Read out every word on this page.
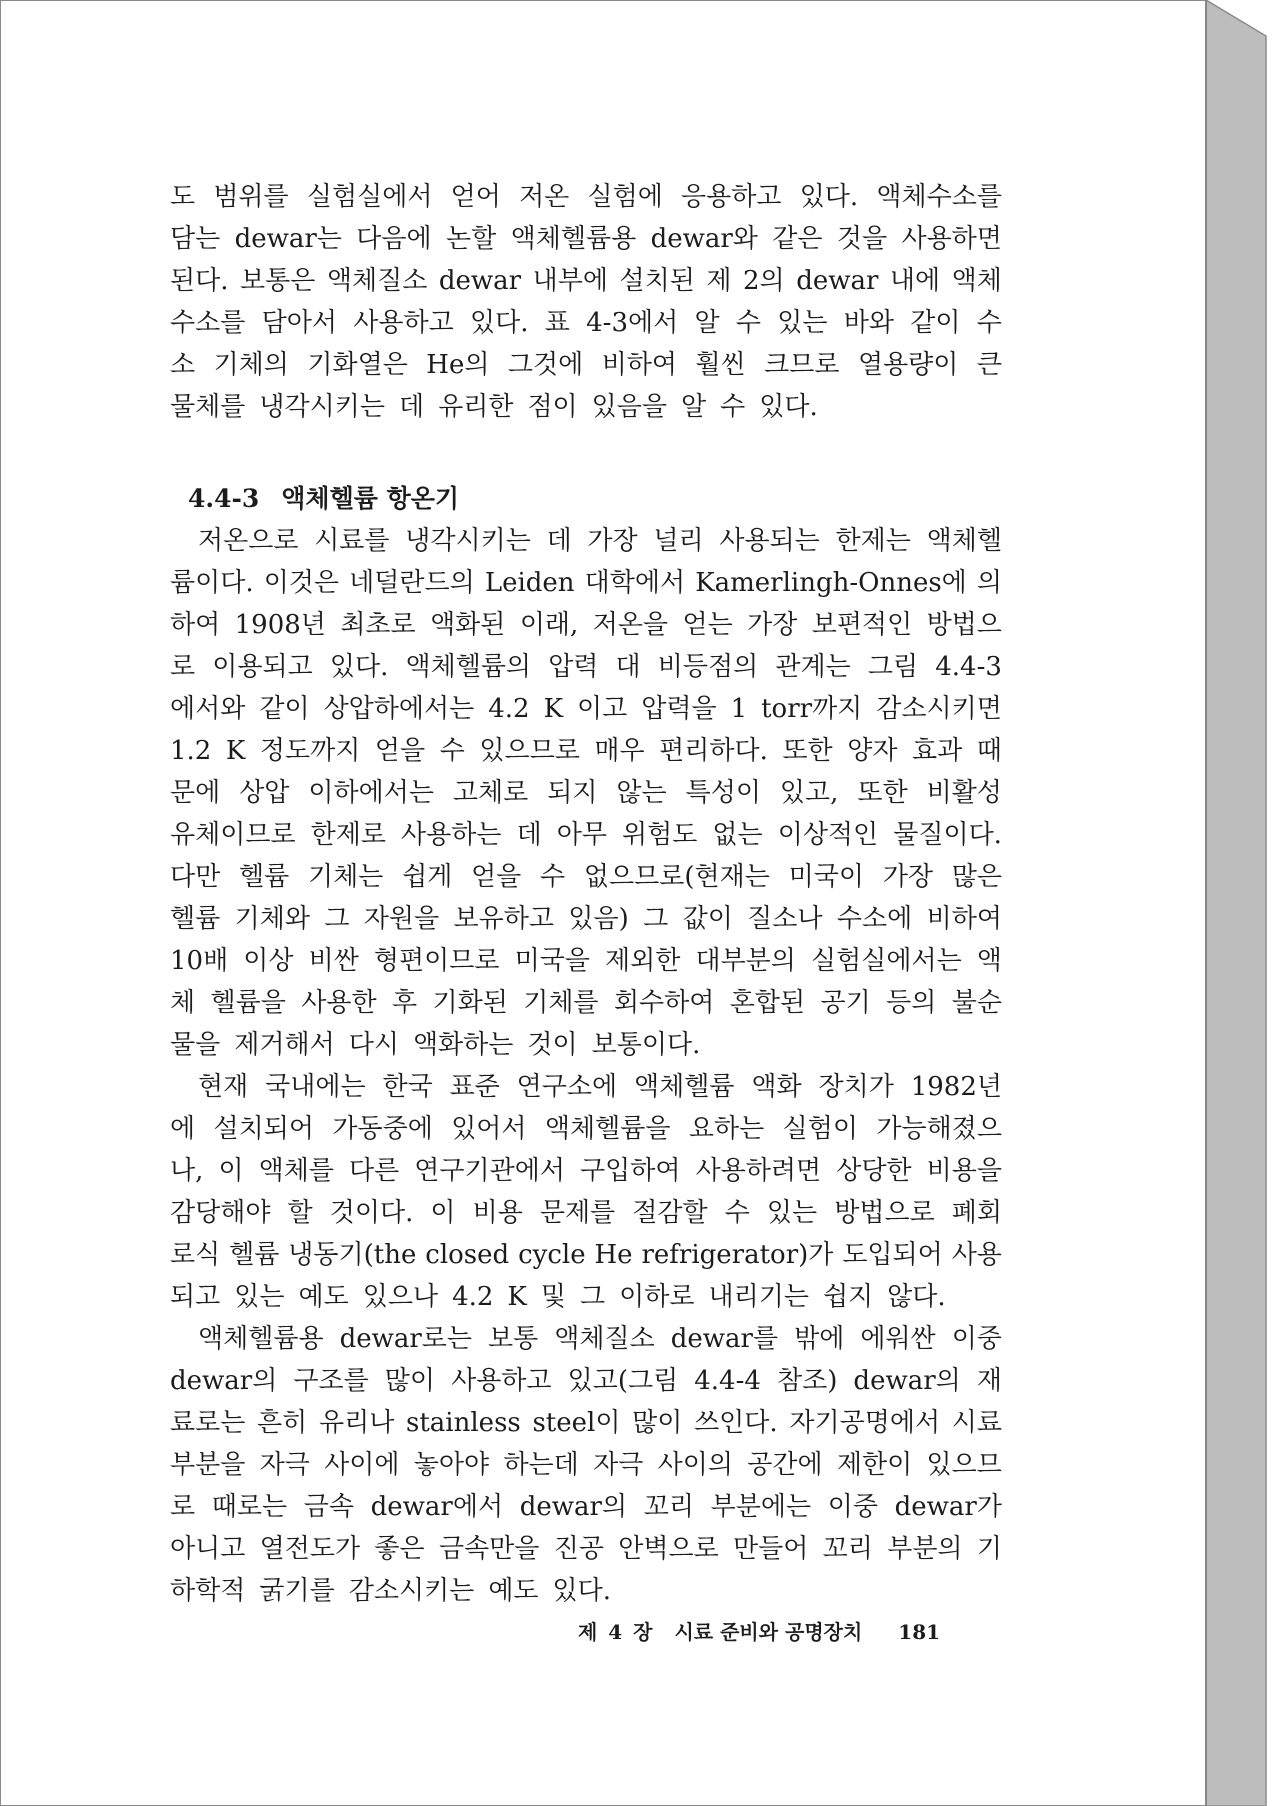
도 범위를 실험실에서 얻어 저온 실험에 응용하고 있다. 액체수소를
담는 dewar는 다음에 논할 액체헬륨용 dewar와 같은 것을 사용하면
된다. 보통은 액체질소 dewar 내부에 설치된 제 2의 dewar 내에 액체
수소를 담아서 사용하고 있다. 표 4-3에서 알 수 있는 바와 같이 수
소 기체의 기화열은 He의 그것에 비하여 훨씬 크므로 열용량이 큰
물체를 냉각시키는 데 유리한 점이 있음을 알 수 있다.
4.4-3 액체헬륨 항온기
저온으로 시료를 냉각시키는 데 가장 널리 사용되는 한제는 액체헬
륨이다. 이것은 네덜란드의 Leiden 대학에서 Kamerlingh-Onnes에 의
하여 1908년 최초로 액화된 이래, 저온을 얻는 가장 보편적인 방법으
로 이용되고 있다. 액체헬륨의 압력 대 비등점의 관계는 그림 4.4-3
에서와 같이 상압하에서는 4.2 K 이고 압력을 1 torr까지 감소시키면
1.2 K 정도까지 얻을 수 있으므로 매우 편리하다. 또한 양자 효과 때
문에 상압 이하에서는 고체로 되지 않는 특성이 있고, 또한 비활성
유체이므로 한제로 사용하는 데 아무 위험도 없는 이상적인 물질이다.
다만 헬륨 기체는 쉽게 얻을 수 없으므로(현재는 미국이 가장 많은
헬륨 기체와 그 자원을 보유하고 있음) 그 값이 질소나 수소에 비하여
10배 이상 비싼 형편이므로 미국을 제외한 대부분의 실험실에서는 액
체 헬륨을 사용한 후 기화된 기체를 회수하여 혼합된 공기 등의 불순
물을 제거해서 다시 액화하는 것이 보통이다.
현재 국내에는 한국 표준 연구소에 액체헬륨 액화 장치가 1982년
에 설치되어 가동중에 있어서 액체헬륨을 요하는 실험이 가능해졌으
나, 이 액체를 다른 연구기관에서 구입하여 사용하려면 상당한 비용을
감당해야 할 것이다. 이 비용 문제를 절감할 수 있는 방법으로 폐회
로식 헬륨 냉동기(the closed cycle He refrigerator)가 도입되어 사용
되고 있는 예도 있으나 4.2 K 및 그 이하로 내리기는 쉽지 않다.
액체헬륨용 dewar로는 보통 액체질소 dewar를 밖에 에워싼 이중
dewar의 구조를 많이 사용하고 있고(그림 4.4-4 참조) dewar의 재
료로는 흔히 유리나 stainless steel이 많이 쓰인다. 자기공명에서 시료
부분을 자극 사이에 놓아야 하는데 자극 사이의 공간에 제한이 있으므
로 때로는 금속 dewar에서 dewar의 꼬리 부분에는 이중 dewar가
아니고 열전도가 좋은 금속만을 진공 안벽으로 만들어 꼬리 부분의 기
하학적 굵기를 감소시키는 예도 있다.
제 4 장 시료 준비와 공명장치 181
